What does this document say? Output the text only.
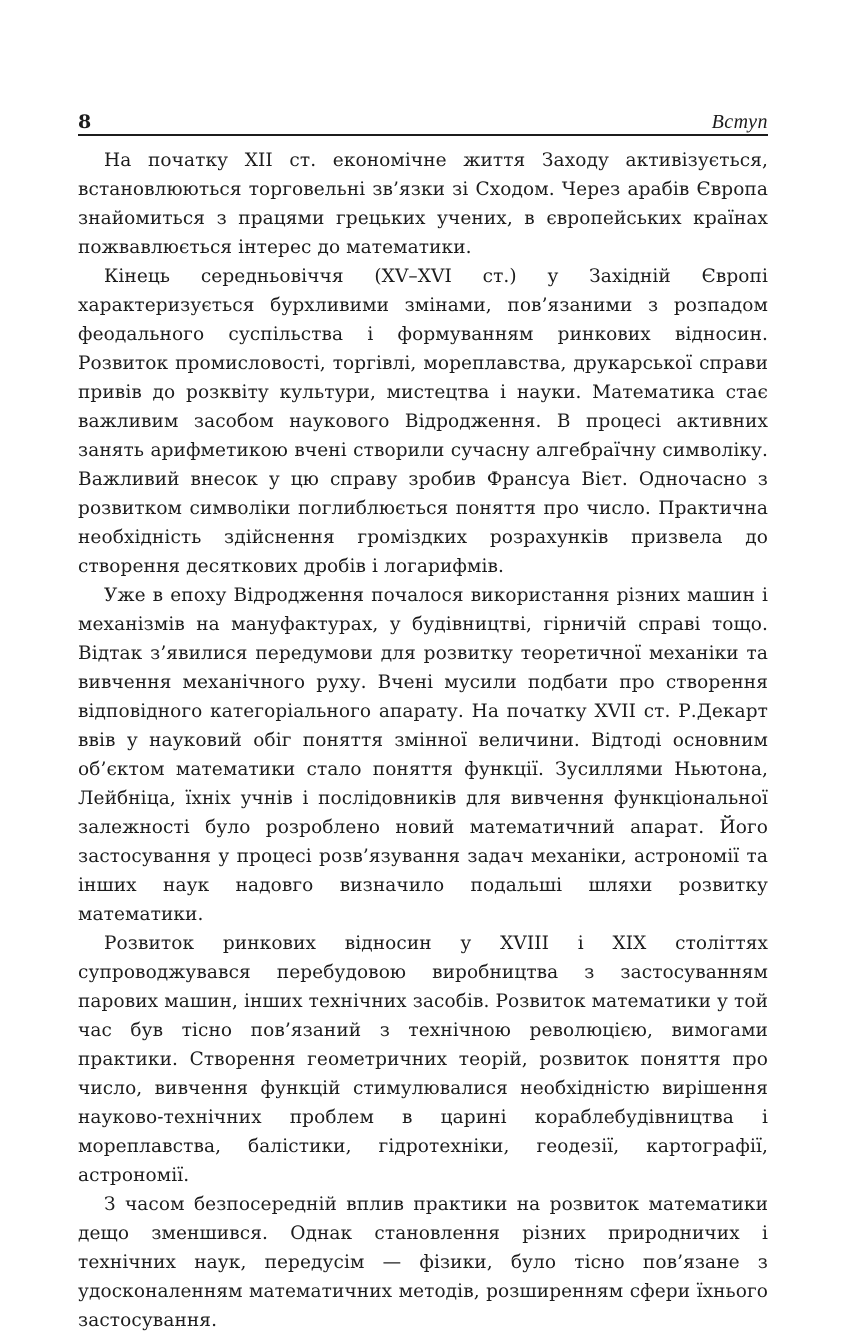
8	Вступ

На початку XII ст. економічне життя Заходу активізується, встановлюються торговельні зв’язки зі Сходом. Через арабів Європа знайомиться з працями грецьких учених, в європейських країнах пожвавлюється інтерес до математики.

Кінець середньовіччя (XV–XVI ст.) у Західній Європі характеризується бурхливими змінами, пов’язаними з розпадом феодального суспільства і формуванням ринкових відносин. Розвиток промисловості, торгівлі, мореплавства, друкарської справи привів до розквіту культури, мистецтва і науки. Математика стає важливим засобом наукового Відродження. В процесі активних занять арифметикою вчені створили сучасну алгебраїчну символіку. Важливий внесок у цю справу зробив Франсуа Вієт. Одночасно з розвитком символіки поглиблюється поняття про число. Практична необхідність здійснення громіздких розрахунків призвела до створення десяткових дробів і логарифмів.

Уже в епоху Відродження почалося використання різних машин і механізмів на мануфактурах, у будівництві, гірничій справі тощо. Відтак з’явилися передумови для розвитку теоретичної механіки та вивчення механічного руху. Вчені мусили подбати про створення відповідного категоріального апарату. На початку XVII ст. Р.Декарт ввів у науковий обіг поняття змінної величини. Відтоді основним об’єктом математики стало поняття функції. Зусиллями Ньютона, Лейбніца, їхніх учнів і послідовників для вивчення функціональної залежності було розроблено новий математичний апарат. Його застосування у процесі розв’язування задач механіки, астрономії та інших наук надовго визначило подальші шляхи розвитку математики.

Розвиток ринкових відносин у XVIII і XIX століттях супроводжувався перебудовою виробництва з застосуванням парових машин, інших технічних засобів. Розвиток математики у той час був тісно пов’язаний з технічною революцією, вимогами практики. Створення геометричних теорій, розвиток поняття про число, вивчення функцій стимулювалися необхідністю вирішення науково-технічних проблем в царині кораблебудівництва і мореплавства, балістики, гідротехніки, геодезії, картографії, астрономії.

З часом безпосередній вплив практики на розвиток математики дещо зменшився. Однак становлення різних природничих і технічних наук, передусім — фізики, було тісно пов’язане з удосконаленням математичних методів, розширенням сфери їхнього застосування.
